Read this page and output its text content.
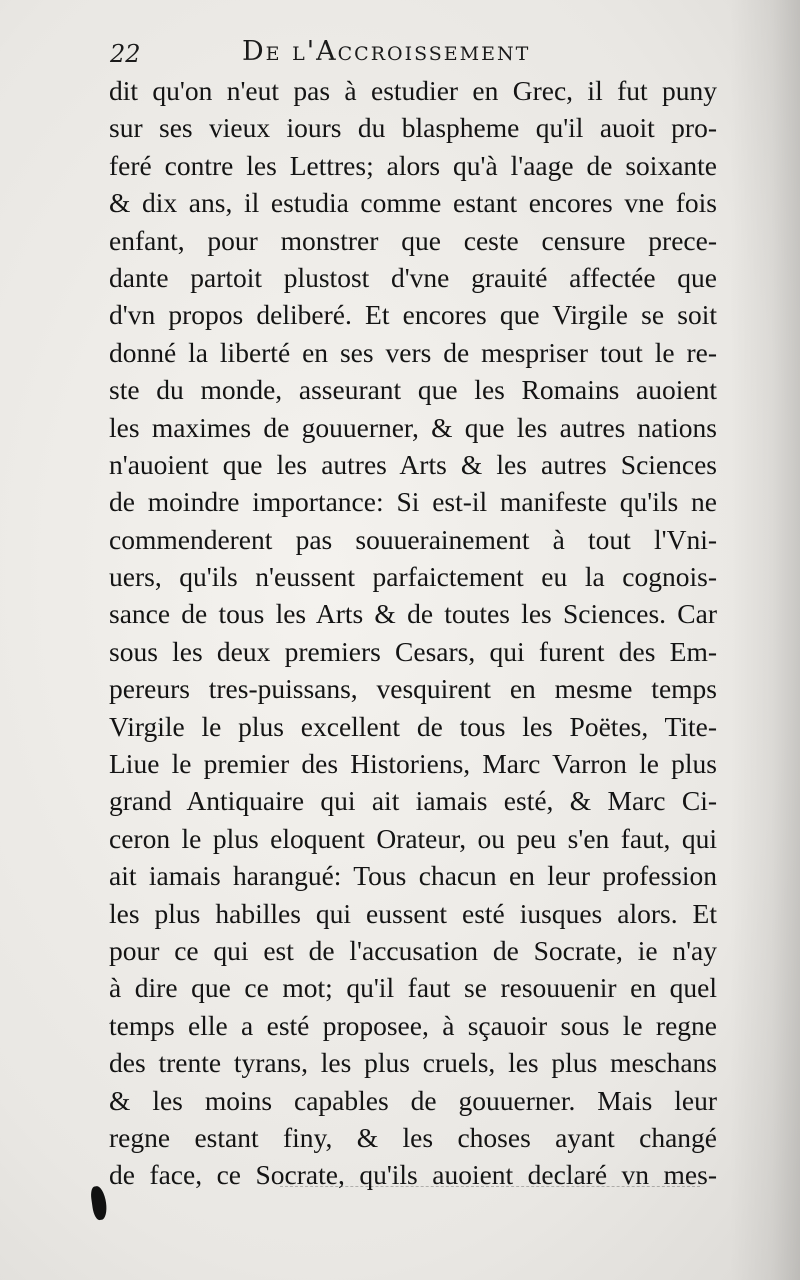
22	De l'Accroissement
dit qu'on n'eut pas à estudier en Grec, il fut puny
sur ses vieux iours du blaspheme qu'il auoit pro-
feré contre les Lettres; alors qu'à l'aage de soixante
& dix ans, il estudia comme estant encores vne fois
enfant, pour monstrer que ceste censure prece-
dante partoit plustost d'vne grauité affectée que
d'vn propos deliberé. Et encores que Virgile se soit
donné la liberté en ses vers de mespriser tout le re-
ste du monde, asseurant que les Romains auoient
les maximes de gouuerner, & que les autres nations
n'auoient que les autres Arts & les autres Sciences
de moindre importance: Si est-il manifeste qu'ils ne
commenderent pas souuerainement à tout l'Vni-
uers, qu'ils n'eussent parfaictement eu la cognois-
sance de tous les Arts & de toutes les Sciences. Car
sous les deux premiers Cesars, qui furent des Em-
pereurs tres-puissans, vesquirent en mesme temps
Virgile le plus excellent de tous les Poëtes, Tite-
Liue le premier des Historiens, Marc Varron le plus
grand Antiquaire qui ait iamais esté, & Marc Ci-
ceron le plus eloquent Orateur, ou peu s'en faut, qui
ait iamais harangué: Tous chacun en leur profession
les plus habilles qui eussent esté iusques alors. Et
pour ce qui est de l'accusation de Socrate, ie n'ay
à dire que ce mot; qu'il faut se resouuenir en quel
temps elle a esté proposee, à sçauoir sous le regne
des trente tyrans, les plus cruels, les plus meschans
& les moins capables de gouuerner. Mais leur
regne estant finy, & les choses ayant changé
de face, ce Socrate, qu'ils auoient declaré vn mes-
